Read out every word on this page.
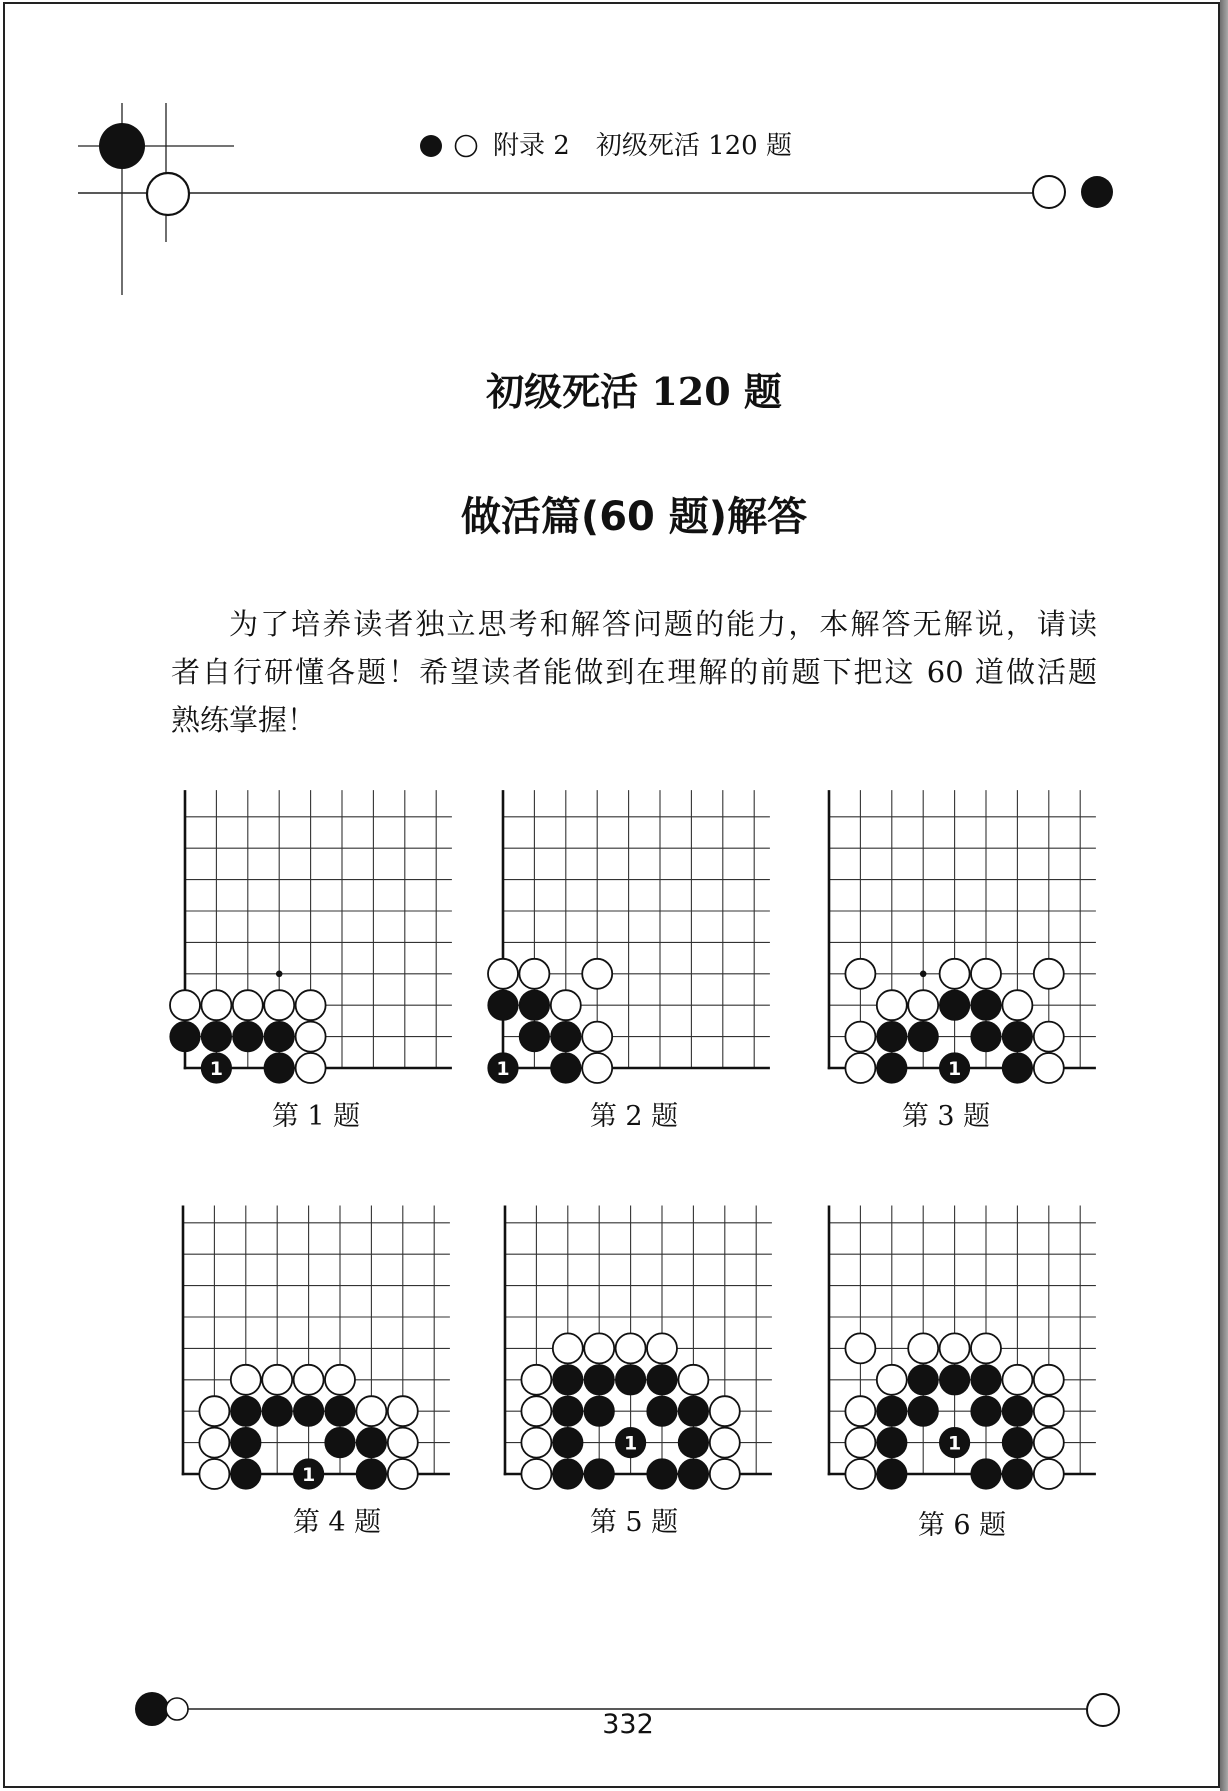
附录 2 初级死活 120 题
初级死活 120 题
做活篇(60 题)解答
为了培养读者独立思考和解答问题的能力，本解答无解说，请读
者自行研懂各题！希望读者能做到在理解的前题下把这 60 道做活题
熟练掌握！
1	1	1
1
1	1
第 1 题	第 2 题	第 3 题
第 4 题	第 5 题	第 6 题
332
